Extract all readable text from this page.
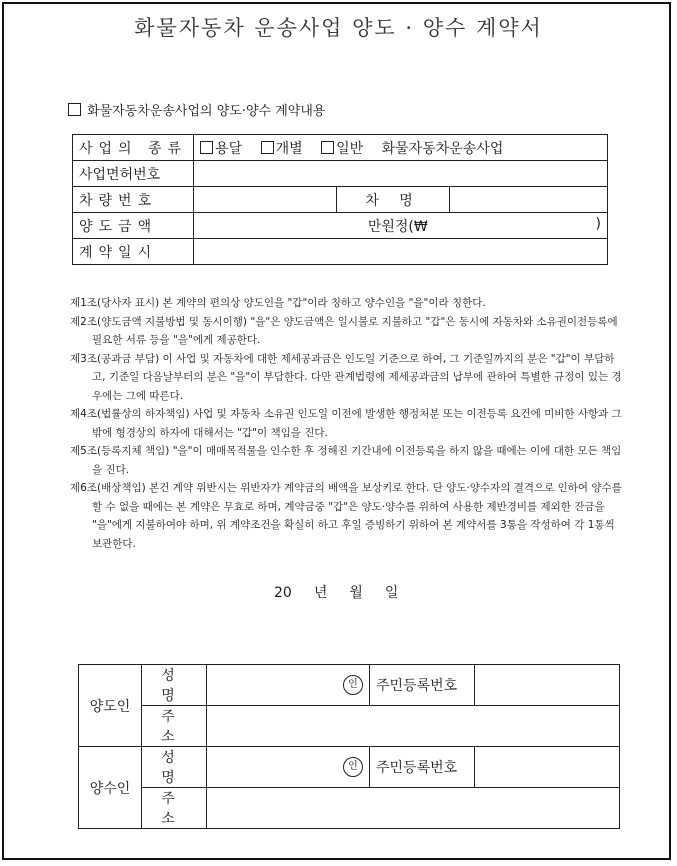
화물자동차 운송사업 양도 · 양수 계약서
화물자동차운송사업의 양도·양수 계약내용
사업의 종류	용달 개별 일반 화물자동차운송사업		
사업면허번호			
차량번호		차 명	
양도금액	만원정(₩ )		

계약일시			

제1조(당사자 표시) 본 계약의 편의상 양도인을 "갑"이라 칭하고 양수인을 "을"이라 칭한다.

제2조(양도금액 지불방법 및 동시이행) "을"은 양도금액은 일시불로 지불하고 "갑"은 동시에 자동차와 소유권이전등록에 필요한 서류 등을 "을"에게 제공한다.

제3조(공과금 부담) 이 사업 및 자동차에 대한 제세공과금은 인도일 기준으로 하여, 그 기준일까지의 분은 "갑"이 부담하고, 기준일 다음날부터의 분은 "을"이 부담한다. 다만 관계법령에 제세공과금의 납부에 관하여 특별한 규정이 있는 경우에는 그에 따른다.

제4조(법률상의 하자책임) 사업 및 자동차 소유권 인도일 이전에 발생한 행정처분 또는 이전등록 요건에 미비한 사항과 그 밖에 형경상의 하자에 대해서는 "갑"이 책임을 진다.

제5조(등록지체 책임) "을"이 매매목적물을 인수한 후 정해진 기간내에 이전등록을 하지 않을 때에는 이에 대한 모든 책임을 진다.

제6조(배상책임) 본건 계약 위반시는 위반자가 계약금의 배액을 보상키로 한다. 단 양도·양수자의 결격으로 인하여 양수를 할 수 없을 때에는 본 계약은 무효로 하며, 계약금중 "갑"은 양도·양수를 위하여 사용한 제반경비를 제외한 잔금을 "을"에게 지불하여야 하며, 위 계약조건을 확실히 하고 후일 증빙하기 위하여 본 계약서를 3통을 작성하여 각 1통씩 보관한다.

20 년 월 일
양도인	성 명	인	주민등록번호	
	주 소			
양수인	성 명	인	주민등록번호	
	주 소			
